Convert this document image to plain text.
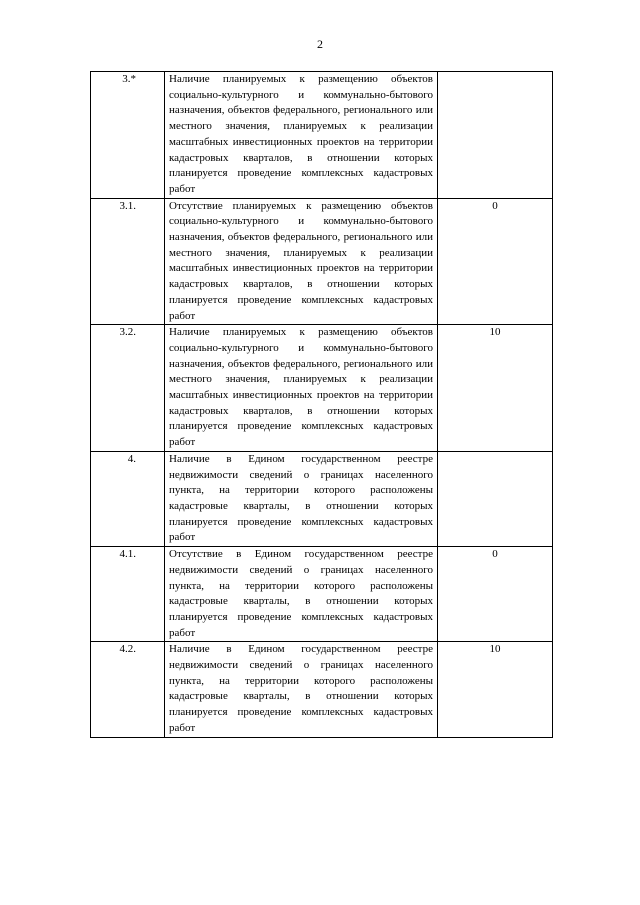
2
3.*	Наличие планируемых к размещению объектов социально-культурного и коммунально-бытового назначения, объектов федерального, регионального или местного значения, планируемых к реализации масштабных инвестиционных проектов на территории кадастровых кварталов, в отношении которых планируется проведение комплексных кадастровых работ	
3.1.	Отсутствие планируемых к размещению объектов социально-культурного и коммунально-бытового назначения, объектов федерального, регионального или местного значения, планируемых к реализации масштабных инвестиционных проектов на территории кадастровых кварталов, в отношении которых планируется проведение комплексных кадастровых работ	0
3.2.	Наличие планируемых к размещению объектов социально-культурного и коммунально-бытового назначения, объектов федерального, регионального или местного значения, планируемых к реализации масштабных инвестиционных проектов на территории кадастровых кварталов, в отношении которых планируется проведение комплексных кадастровых работ	10
4.	Наличие в Едином государственном реестре недвижимости сведений о границах населенного пункта, на территории которого расположены кадастровые кварталы, в отношении которых планируется проведение комплексных кадастровых работ	
4.1.	Отсутствие в Едином государственном реестре недвижимости сведений о границах населенного пункта, на территории которого расположены кадастровые кварталы, в отношении которых планируется проведение комплексных кадастровых работ	0
4.2.	Наличие в Едином государственном реестре недвижимости сведений о границах населенного пункта, на территории которого расположены кадастровые кварталы, в отношении которых планируется проведение комплексных кадастровых работ	10
